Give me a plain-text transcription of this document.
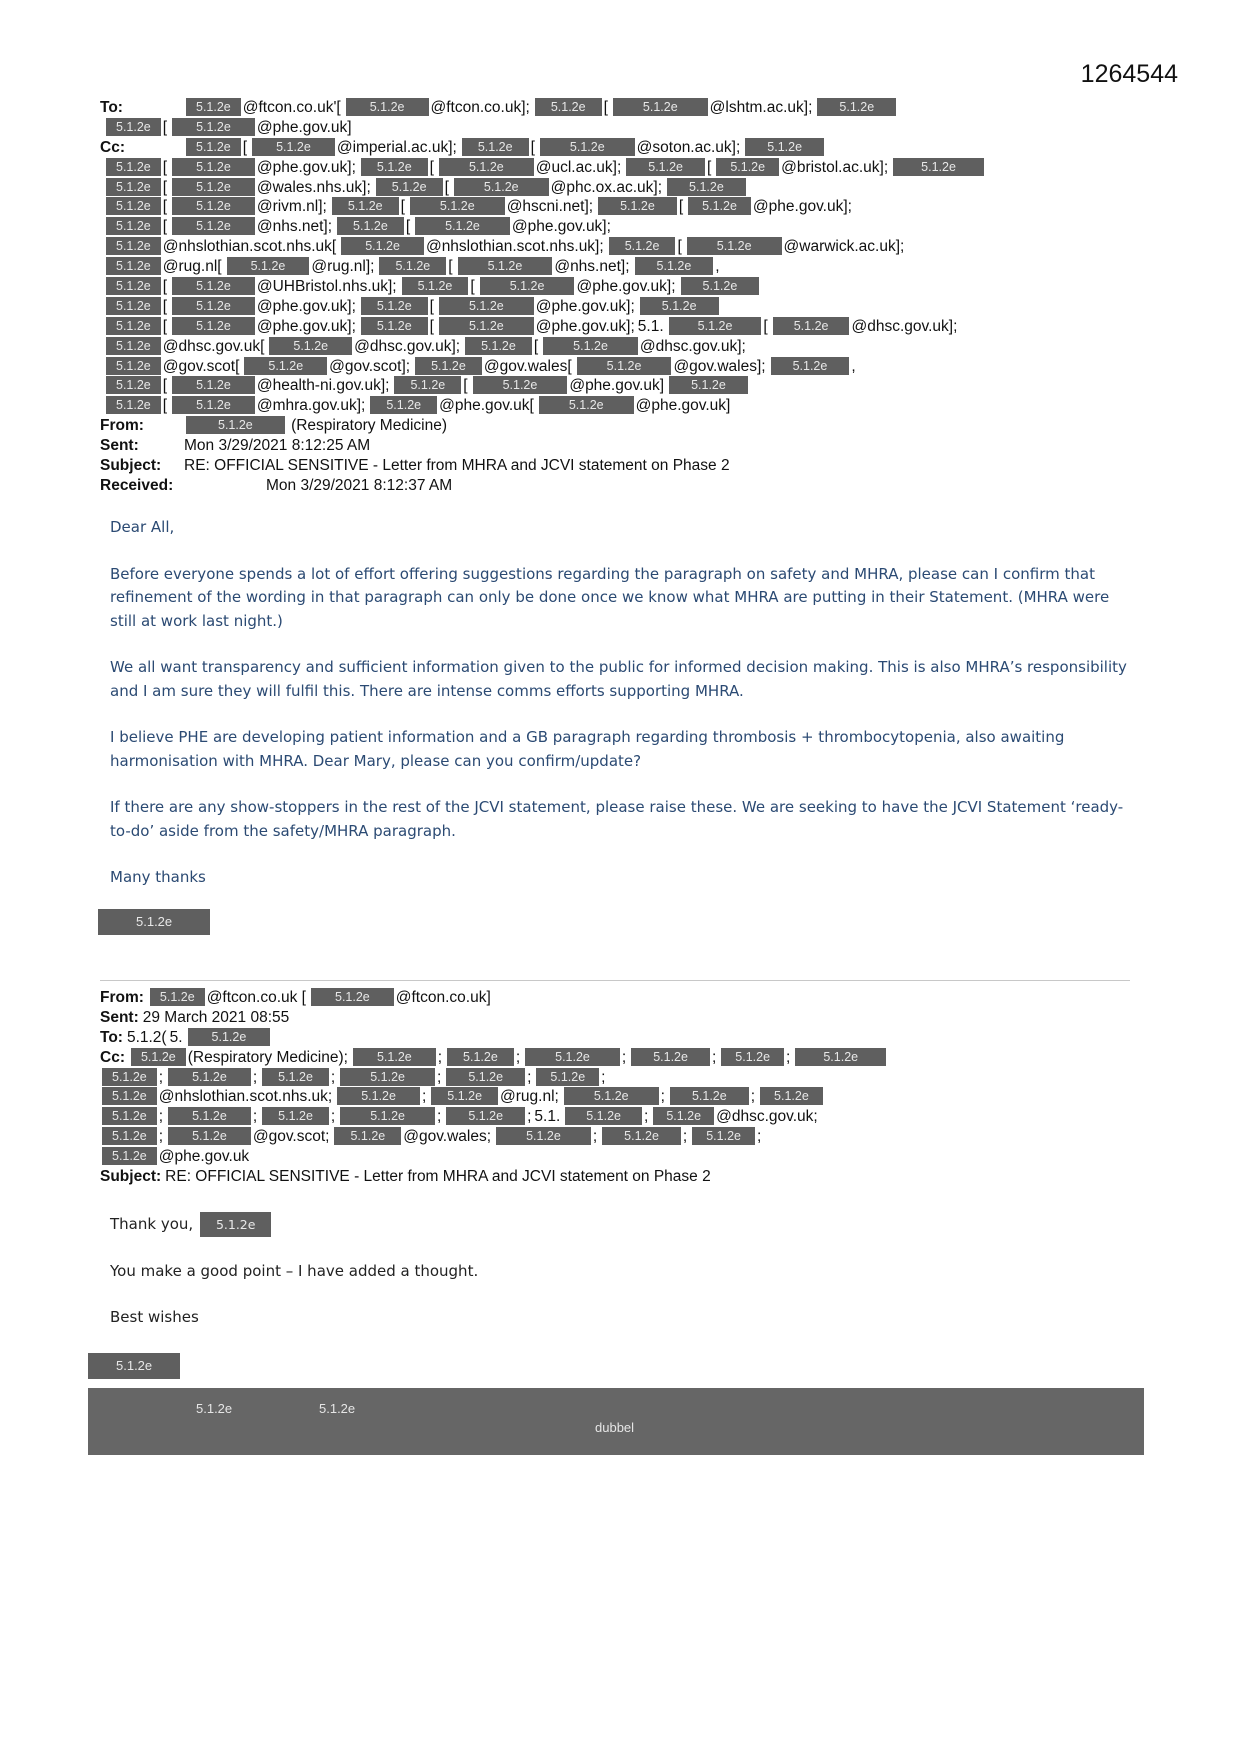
1264544
To:	5.1.2e @ftcon.co.uk'[ 5.1.2e @ftcon.co.uk]; 5.1.2e [	5.1.2e @lshtm.ac.uk]; 5.1.2e
5.1.2e [ 5.1.2e @phe.gov.uk]
Cc:	5.1.2e [ 5.1.2e @imperial.ac.uk]; 5.1.2e [	5.1.2e @soton.ac.uk]; 5.1.2e
5.1.2e [ 5.1.2e @phe.gov.uk]; 5.1.2e [	5.1.2e @ucl.ac.uk]; 5.1.2e [ 5.1.2e @bristol.ac.uk];	5.1.2e
5.1.2e [ 5.1.2e @wales.nhs.uk]; 5.1.2e [	5.1.2e @phc.ox.ac.uk]; 5.1.2e
5.1.2e [ 5.1.2e @rivm.nl]; 5.1.2e [	5.1.2e @hscni.net]; 5.1.2e [ 5.1.2e @phe.gov.uk];
5.1.2e [ 5.1.2e @nhs.net]; 5.1.2e [	5.1.2e @phe.gov.uk];
5.1.2e @nhslothian.scot.nhs.uk[ 5.1.2e @nhslothian.scot.nhs.uk]; 5.1.2e [	5.1.2e @warwick.ac.uk];
5.1.2e @rug.nl[ 5.1.2e @rug.nl]; 5.1.2e [	5.1.2e @nhs.net]; 5.1.2e ,
5.1.2e [ 5.1.2e @UHBristol.nhs.uk]; 5.1.2e [	5.1.2e @phe.gov.uk]; 5.1.2e
5.1.2e [ 5.1.2e @phe.gov.uk]; 5.1.2e [	5.1.2e @phe.gov.uk]; 5.1.2e
5.1.2e [ 5.1.2e @phe.gov.uk]; 5.1.2e [	5.1.2e @phe.gov.uk]; 5.1.	5.1.2e [ 5.1.2e @dhsc.gov.uk];
5.1.2e @dhsc.gov.uk[ 5.1.2e @dhsc.gov.uk]; 5.1.2e [	5.1.2e @dhsc.gov.uk];
5.1.2e @gov.scot[ 5.1.2e @gov.scot]; 5.1.2e @gov.wales[	5.1.2e @gov.wales]; 5.1.2e ,
5.1.2e [ 5.1.2e @health-ni.gov.uk]; 5.1.2e [	5.1.2e @phe.gov.uk] 5.1.2e
5.1.2e [ 5.1.2e @mhra.gov.uk]; 5.1.2e @phe.gov.uk[	5.1.2e @phe.gov.uk]
From:	5.1.2e (Respiratory Medicine)
Sent:	Mon 3/29/2021 8:12:25 AM
Subject: RE: OFFICIAL SENSITIVE - Letter from MHRA and JCVI statement on Phase 2
Received:	Mon 3/29/2021 8:12:37 AM

Dear All,

Before everyone spends a lot of effort offering suggestions regarding the paragraph on safety and MHRA, please can I confirm that refinement of the wording in that paragraph can only be done once we know what MHRA are putting in their Statement. (MHRA were still at work last night.)

We all want transparency and sufficient information given to the public for informed decision making. This is also MHRA’s responsibility and I am sure they will fulfil this. There are intense comms efforts supporting MHRA.

I believe PHE are developing patient information and a GB paragraph regarding thrombosis + thrombocytopenia, also awaiting harmonisation with MHRA. Dear Mary, please can you confirm/update?

If there are any show-stoppers in the rest of the JCVI statement, please raise these. We are seeking to have the JCVI Statement ‘ready-to-do’ aside from the safety/MHRA paragraph.

Many thanks

5.1.2e
From: 5.1.2e @ftcon.co.uk [ 5.1.2e @ftcon.co.uk]
Sent: 29 March 2021 08:55
To: 5.1.2( 5. 5.1.2e
Cc: 5.1.2e (Respiratory Medicine); 5.1.2e ; 5.1.2e ;	5.1.2e ; 5.1.2e ; 5.1.2e ;	5.1.2e
5.1.2e ; 5.1.2e ; 5.1.2e ;	5.1.2e ; 5.1.2e ; 5.1.2e ;
5.1.2e @nhslothian.scot.nhs.uk; 5.1.2e ; 5.1.2e @rug.nl;	5.1.2e ; 5.1.2e ; 5.1.2e
5.1.2e ; 5.1.2e ; 5.1.2e ;	5.1.2e ; 5.1.2e ; 5.1. 5.1.2e ; 5.1.2e @dhsc.gov.uk;
5.1.2e ; 5.1.2e @gov.scot; 5.1.2e @gov.wales;	5.1.2e ; 5.1.2e ; 5.1.2e ;
5.1.2e @phe.gov.uk
Subject: RE: OFFICIAL SENSITIVE - Letter from MHRA and JCVI statement on Phase 2

Thank you, 5.1.2e

You make a good point – I have added a thought.

Best wishes

5.1.2e
5.1.2e	5.1.2e
dubbel
